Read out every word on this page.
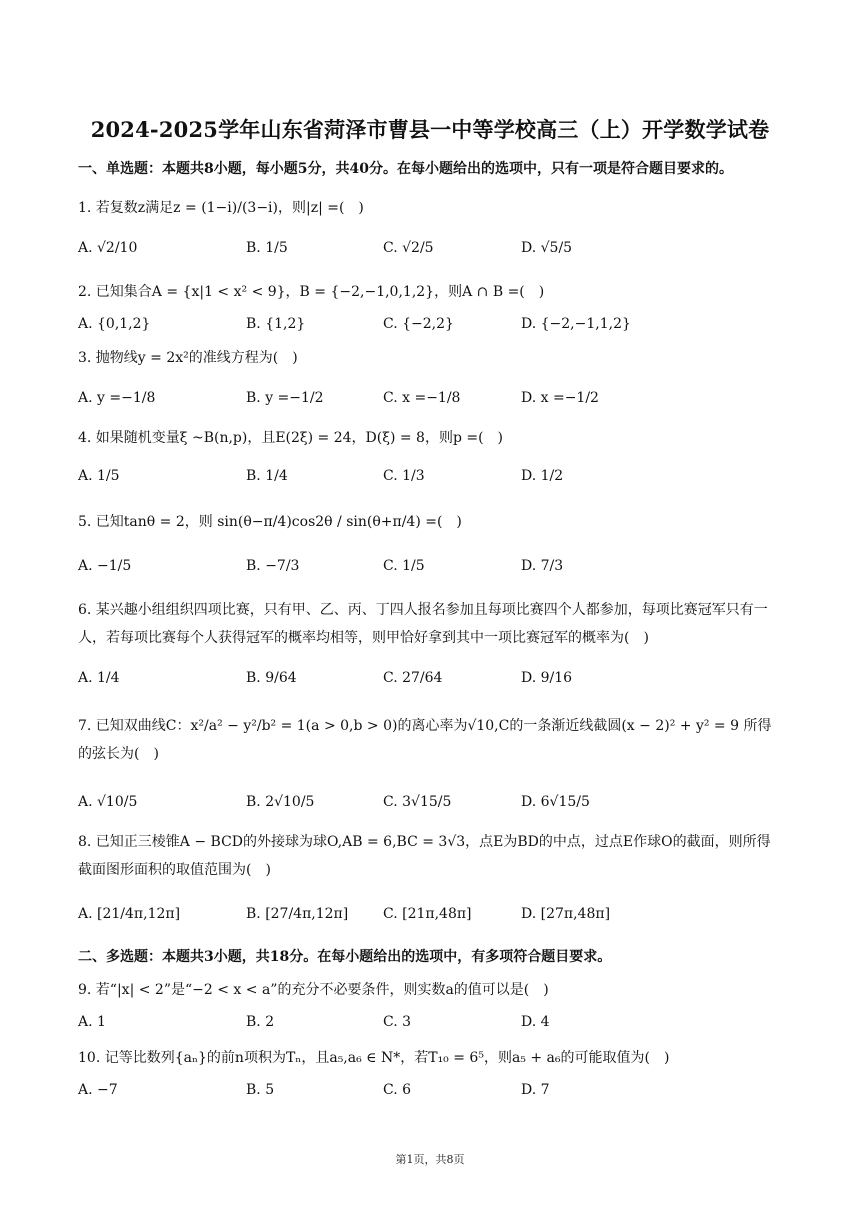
2024-2025学年山东省菏泽市曹县一中等学校高三（上）开学数学试卷
一、单选题：本题共8小题，每小题5分，共40分。在每小题给出的选项中，只有一项是符合题目要求的。
1. 若复数z满足z = (1−i)/(3−i)，则|z| =(　)
A. √2/10	B. 1/5	C. √2/5	D. √5/5
2. 已知集合A = {x|1 < x² < 9}，B = {−2,−1,0,1,2}，则A ∩ B =(　)
A. {0,1,2}	B. {1,2}	C. {−2,2}	D. {−2,−1,1,2}
3. 抛物线y = 2x²的准线方程为(　)
A. y =−1/8	B. y =−1/2	C. x =−1/8	D. x =−1/2
4. 如果随机变量ξ ~B(n,p)，且E(2ξ) = 24，D(ξ) = 8，则p =(　)
A. 1/5	B. 1/4	C. 1/3	D. 1/2
5. 已知tanθ = 2，则 sin(θ−π/4)cos2θ / sin(θ+π/4) =(　)
A. −1/5	B. −7/3	C. 1/5	D. 7/3
6. 某兴趣小组组织四项比赛，只有甲、乙、丙、丁四人报名参加且每项比赛四个人都参加，每项比赛冠军只有一人，若每项比赛每个人获得冠军的概率均相等，则甲恰好拿到其中一项比赛冠军的概率为(　)
A. 1/4	B. 9/64	C. 27/64	D. 9/16
7. 已知双曲线C：x²/a² − y²/b² = 1(a > 0,b > 0)的离心率为√10,C的一条渐近线截圆(x − 2)² + y² = 9 所得的弦长为(　)
A. √10/5	B. 2√10/5	C. 3√15/5	D. 6√15/5
8. 已知正三棱锥A − BCD的外接球为球O,AB = 6,BC = 3√3，点E为BD的中点，过点E作球O的截面，则所得截面图形面积的取值范围为(　)
A. [21/4π,12π]	B. [27/4π,12π] C. [21π,48π]	D. [27π,48π]
二、多选题：本题共3小题，共18分。在每小题给出的选项中，有多项符合题目要求。
9. 若“|x| < 2”是“−2 < x < a”的充分不必要条件，则实数a的值可以是(　)
A. 1	B. 2	C. 3	D. 4
10. 记等比数列{aₙ}的前n项积为Tₙ，且a₅,a₆ ∈ N*，若T₁₀ = 6⁵，则a₅ + a₆的可能取值为(　)
A. −7	B. 5	C. 6	D. 7
第1页，共8页
